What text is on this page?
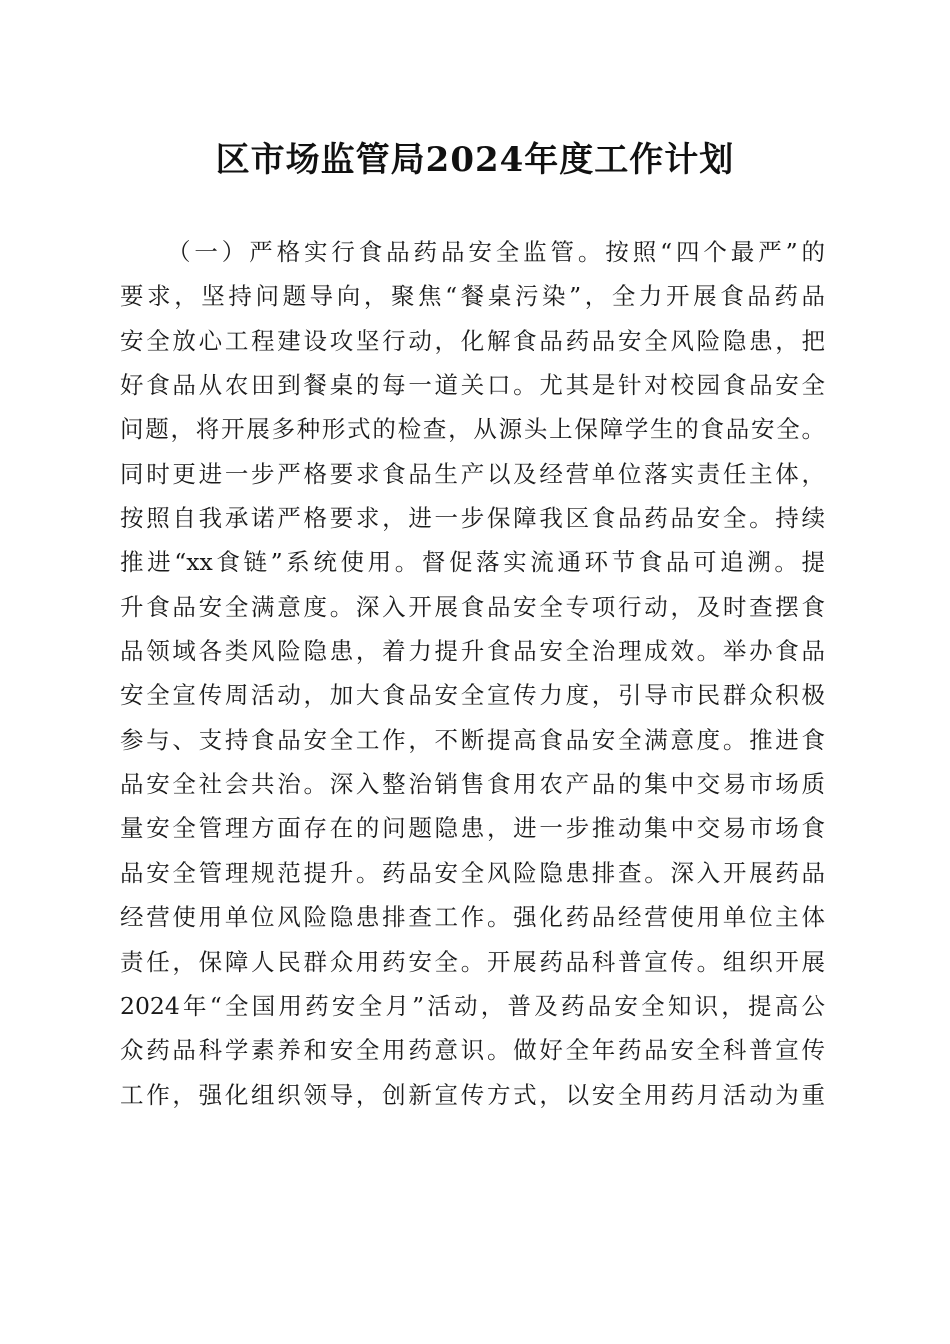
区市场监管局2024年度工作计划
（一）严格实行食品药品安全监管。按照“四个最严”的
要求，坚持问题导向，聚焦“餐桌污染”，全力开展食品药品
安全放心工程建设攻坚行动，化解食品药品安全风险隐患，把
好食品从农田到餐桌的每一道关口。尤其是针对校园食品安全
问题，将开展多种形式的检查，从源头上保障学生的食品安全。
同时更进一步严格要求食品生产以及经营单位落实责任主体，
按照自我承诺严格要求，进一步保障我区食品药品安全。持续
推进“xx食链”系统使用。督促落实流通环节食品可追溯。提
升食品安全满意度。深入开展食品安全专项行动，及时查摆食
品领域各类风险隐患，着力提升食品安全治理成效。举办食品
安全宣传周活动，加大食品安全宣传力度，引导市民群众积极
参与、支持食品安全工作，不断提高食品安全满意度。推进食
品安全社会共治。深入整治销售食用农产品的集中交易市场质
量安全管理方面存在的问题隐患，进一步推动集中交易市场食
品安全管理规范提升。药品安全风险隐患排查。深入开展药品
经营使用单位风险隐患排查工作。强化药品经营使用单位主体
责任，保障人民群众用药安全。开展药品科普宣传。组织开展
2024年“全国用药安全月”活动，普及药品安全知识，提高公
众药品科学素养和安全用药意识。做好全年药品安全科普宣传
工作，强化组织领导，创新宣传方式，以安全用药月活动为重
